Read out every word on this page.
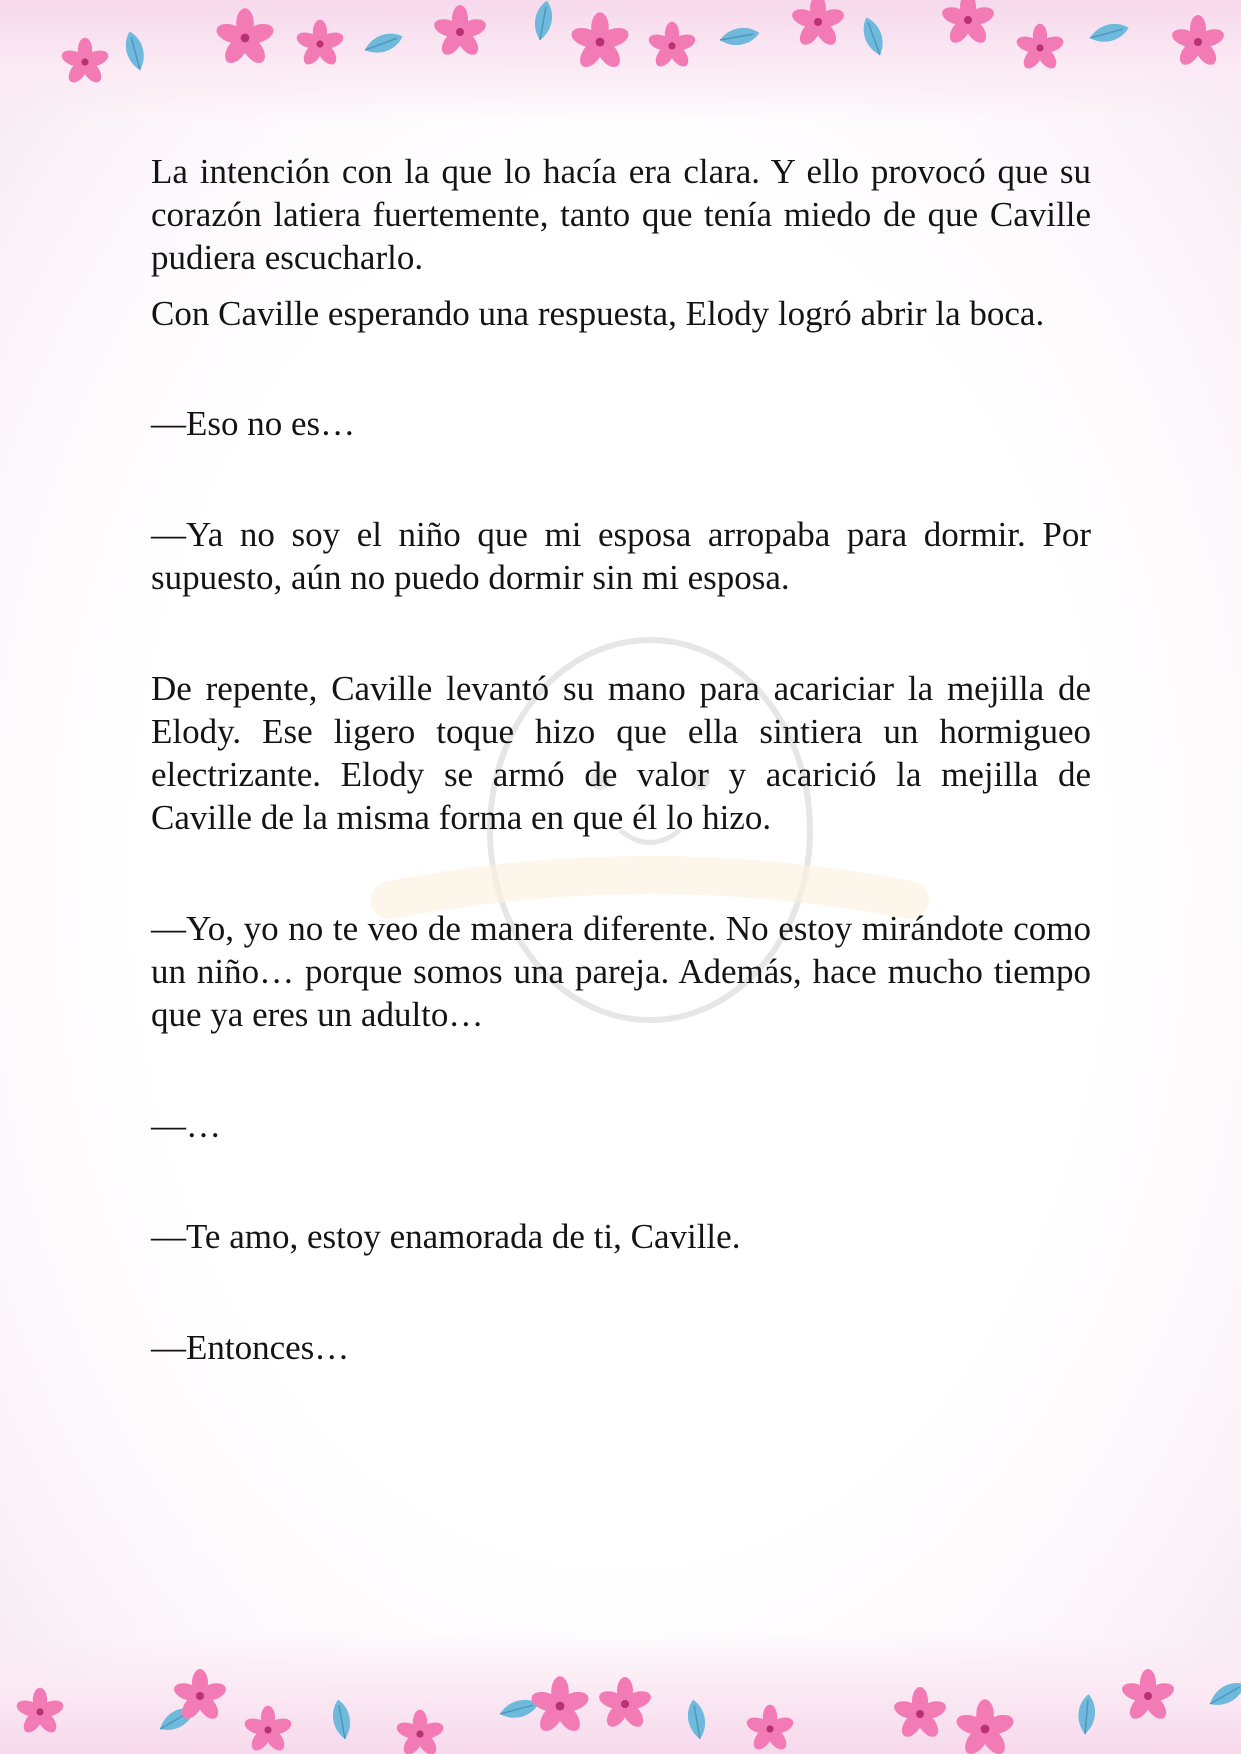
La intención con la que lo hacía era clara. Y ello provocó que su corazón latiera fuertemente, tanto que tenía miedo de que Caville pudiera escucharlo.

Con Caville esperando una respuesta, Elody logró abrir la boca.

—Eso no es…

—Ya no soy el niño que mi esposa arropaba para dormir. Por supuesto, aún no puedo dormir sin mi esposa.

De repente, Caville levantó su mano para acariciar la mejilla de Elody. Ese ligero toque hizo que ella sintiera un hormigueo electrizante. Elody se armó de valor y acarició la mejilla de Caville de la misma forma en que él lo hizo.

—Yo, yo no te veo de manera diferente. No estoy mirándote como un niño… porque somos una pareja. Además, hace mucho tiempo que ya eres un adulto…

—…

—Te amo, estoy enamorada de ti, Caville.

—Entonces…
